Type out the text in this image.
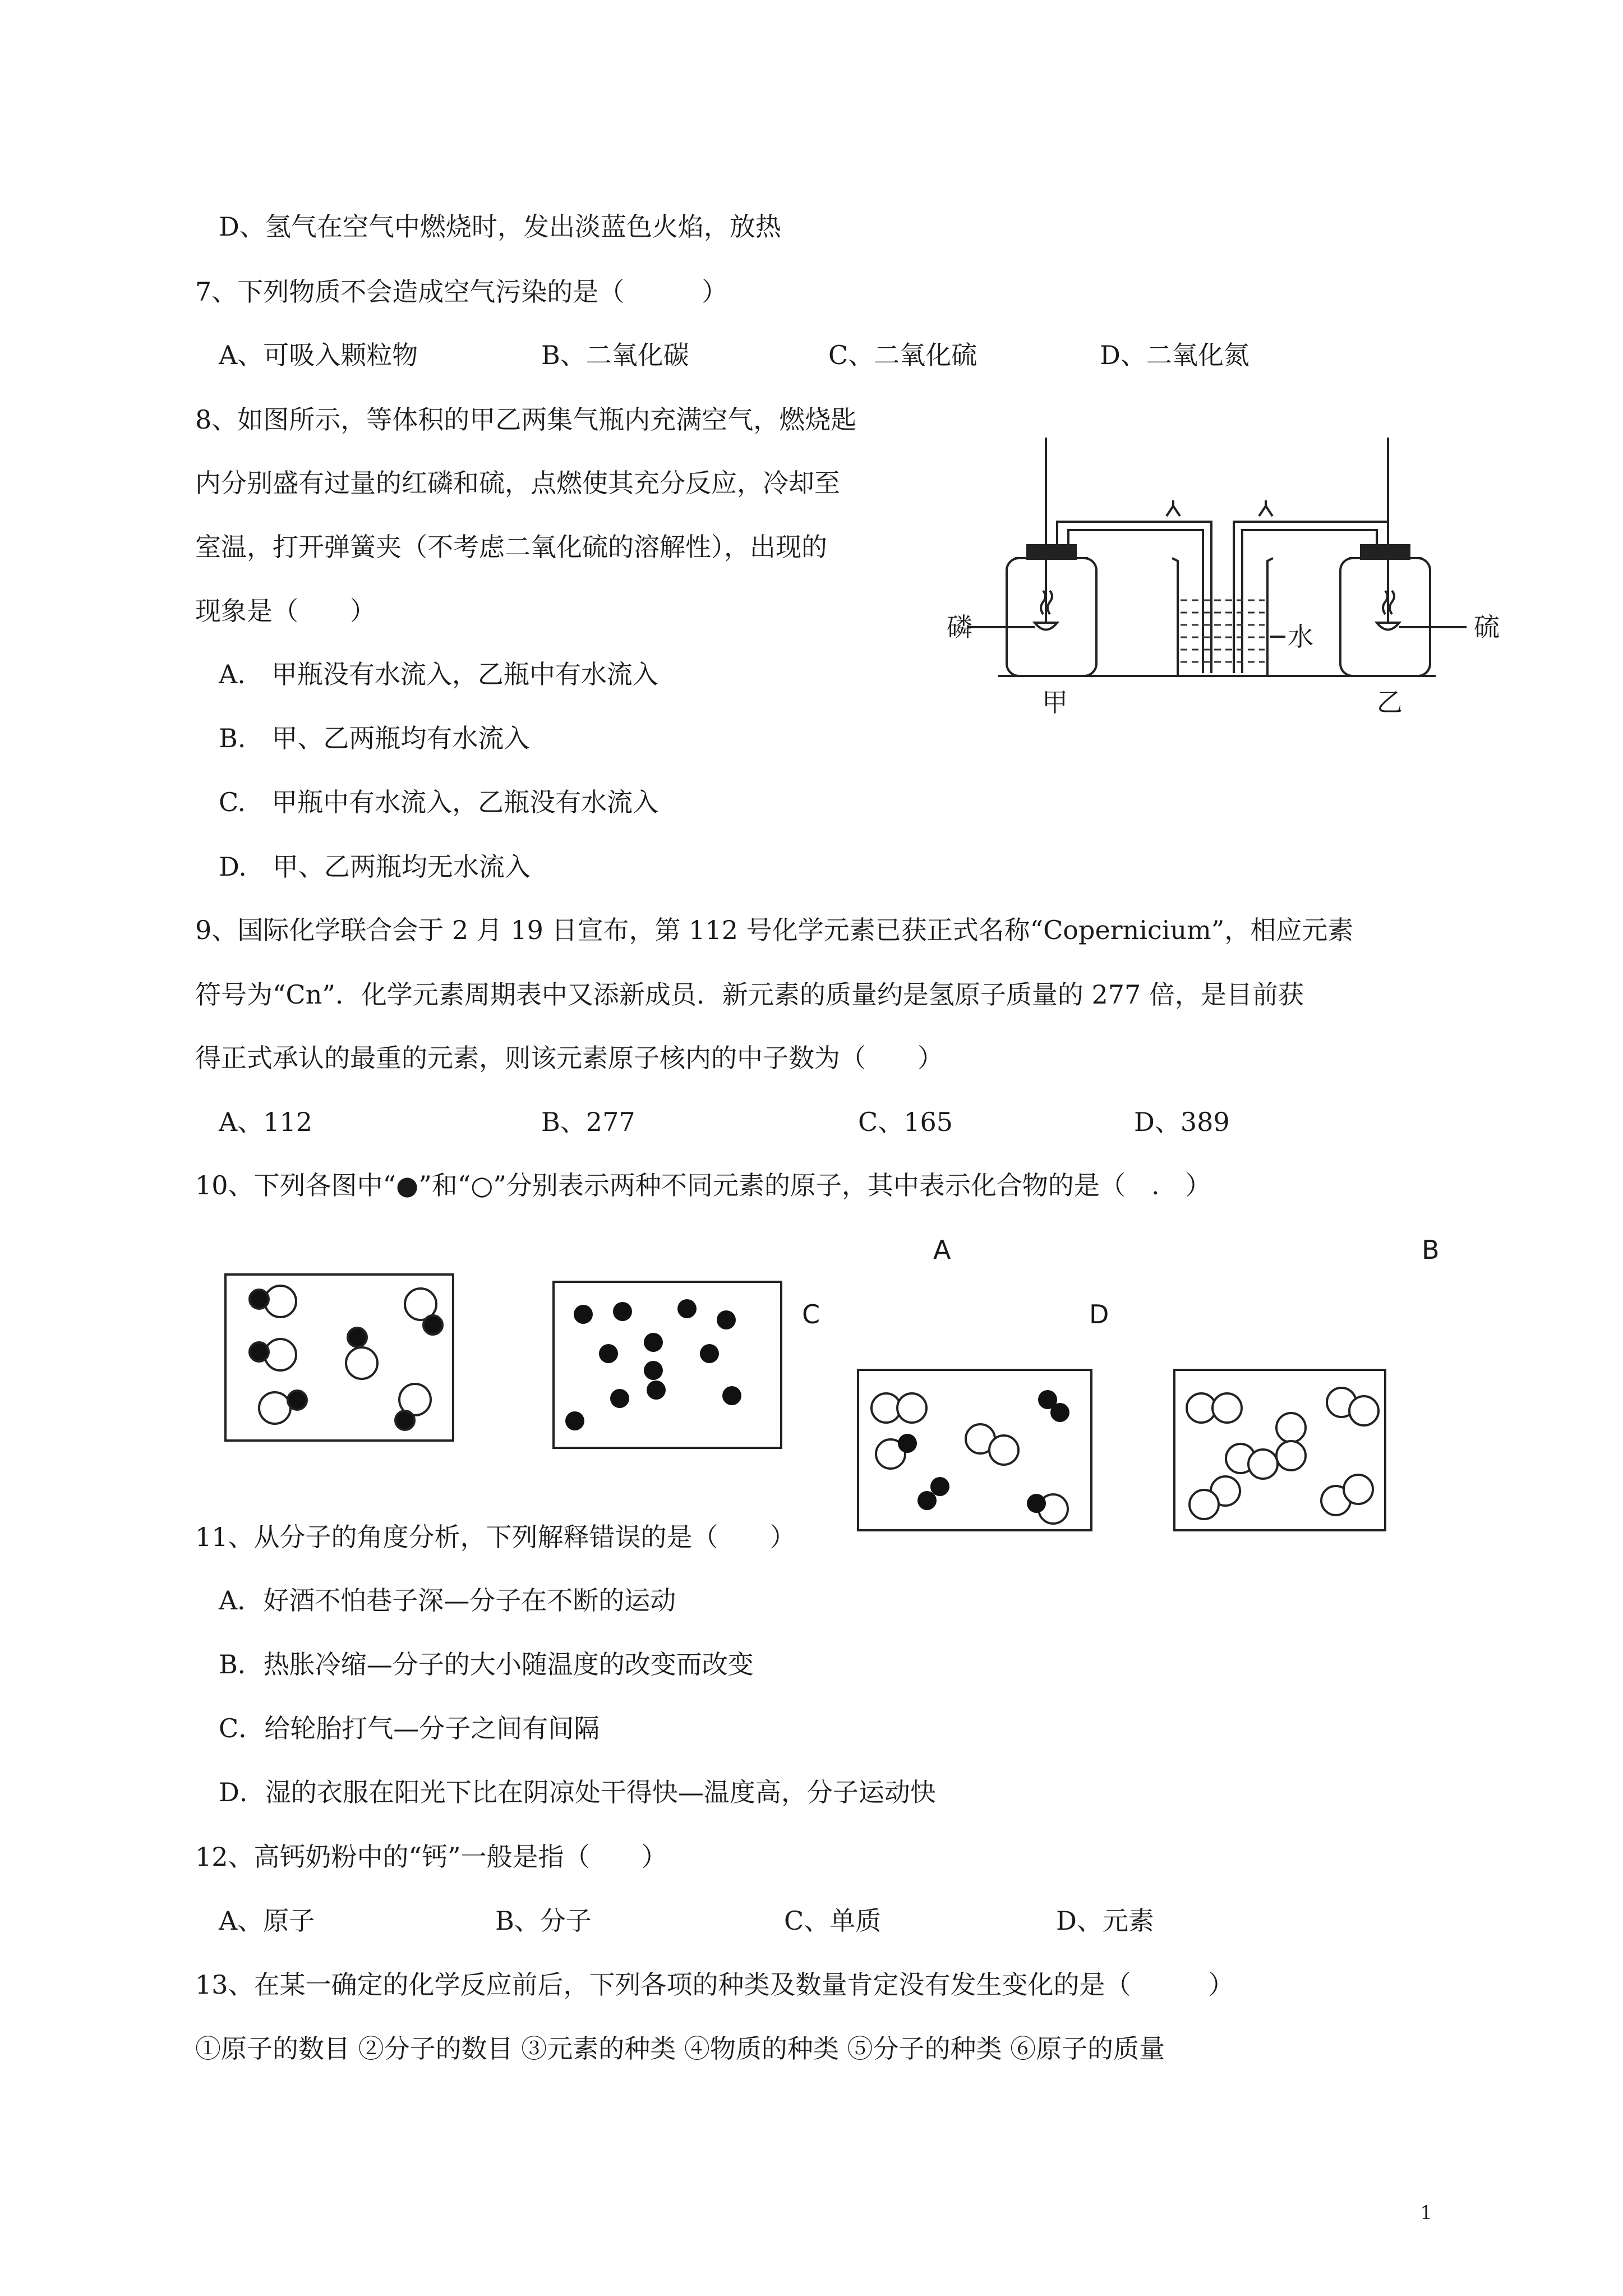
D、氢气在空气中燃烧时，发出淡蓝色火焰，放热
7、下列物质不会造成空气污染的是（　　　）
A、可吸入颗粒物	B、二氧化碳	C、二氧化硫	D、二氧化氮
8、如图所示，等体积的甲乙两集气瓶内充满空气，燃烧匙
内分别盛有过量的红磷和硫，点燃使其充分反应，冷却至
室温，打开弹簧夹（不考虑二氧化硫的溶解性），出现的
现象是（　　）
A.　甲瓶没有水流入，乙瓶中有水流入
B.　甲、乙两瓶均有水流入
C.　甲瓶中有水流入，乙瓶没有水流入
D.　甲、乙两瓶均无水流入
磷	硫
水
甲	乙
9、国际化学联合会于 2 月 19 日宣布，第 112 号化学元素已获正式名称“Copernicium”，相应元素
符号为“Cn”．化学元素周期表中又添新成员．新元素的质量约是氢原子质量的 277 倍，是目前获
得正式承认的最重的元素，则该元素原子核内的中子数为（　　）
A、112	B、277	C、165	D、389
10、下列各图中“●”和“○”分别表示两种不同元素的原子，其中表示化合物的是（　.　）
A	B
C	D
11、从分子的角度分析，下列解释错误的是（　　）
A．好酒不怕巷子深—分子在不断的运动
B．热胀冷缩—分子的大小随温度的改变而改变
C．给轮胎打气—分子之间有间隔
D．湿的衣服在阳光下比在阴凉处干得快—温度高，分子运动快
12、高钙奶粉中的“钙”一般是指（　　）
A、原子	B、分子	C、单质	D、元素
13、在某一确定的化学反应前后，下列各项的种类及数量肯定没有发生变化的是（　　　）
①原子的数目 ②分子的数目 ③元素的种类 ④物质的种类 ⑤分子的种类 ⑥原子的质量
1
